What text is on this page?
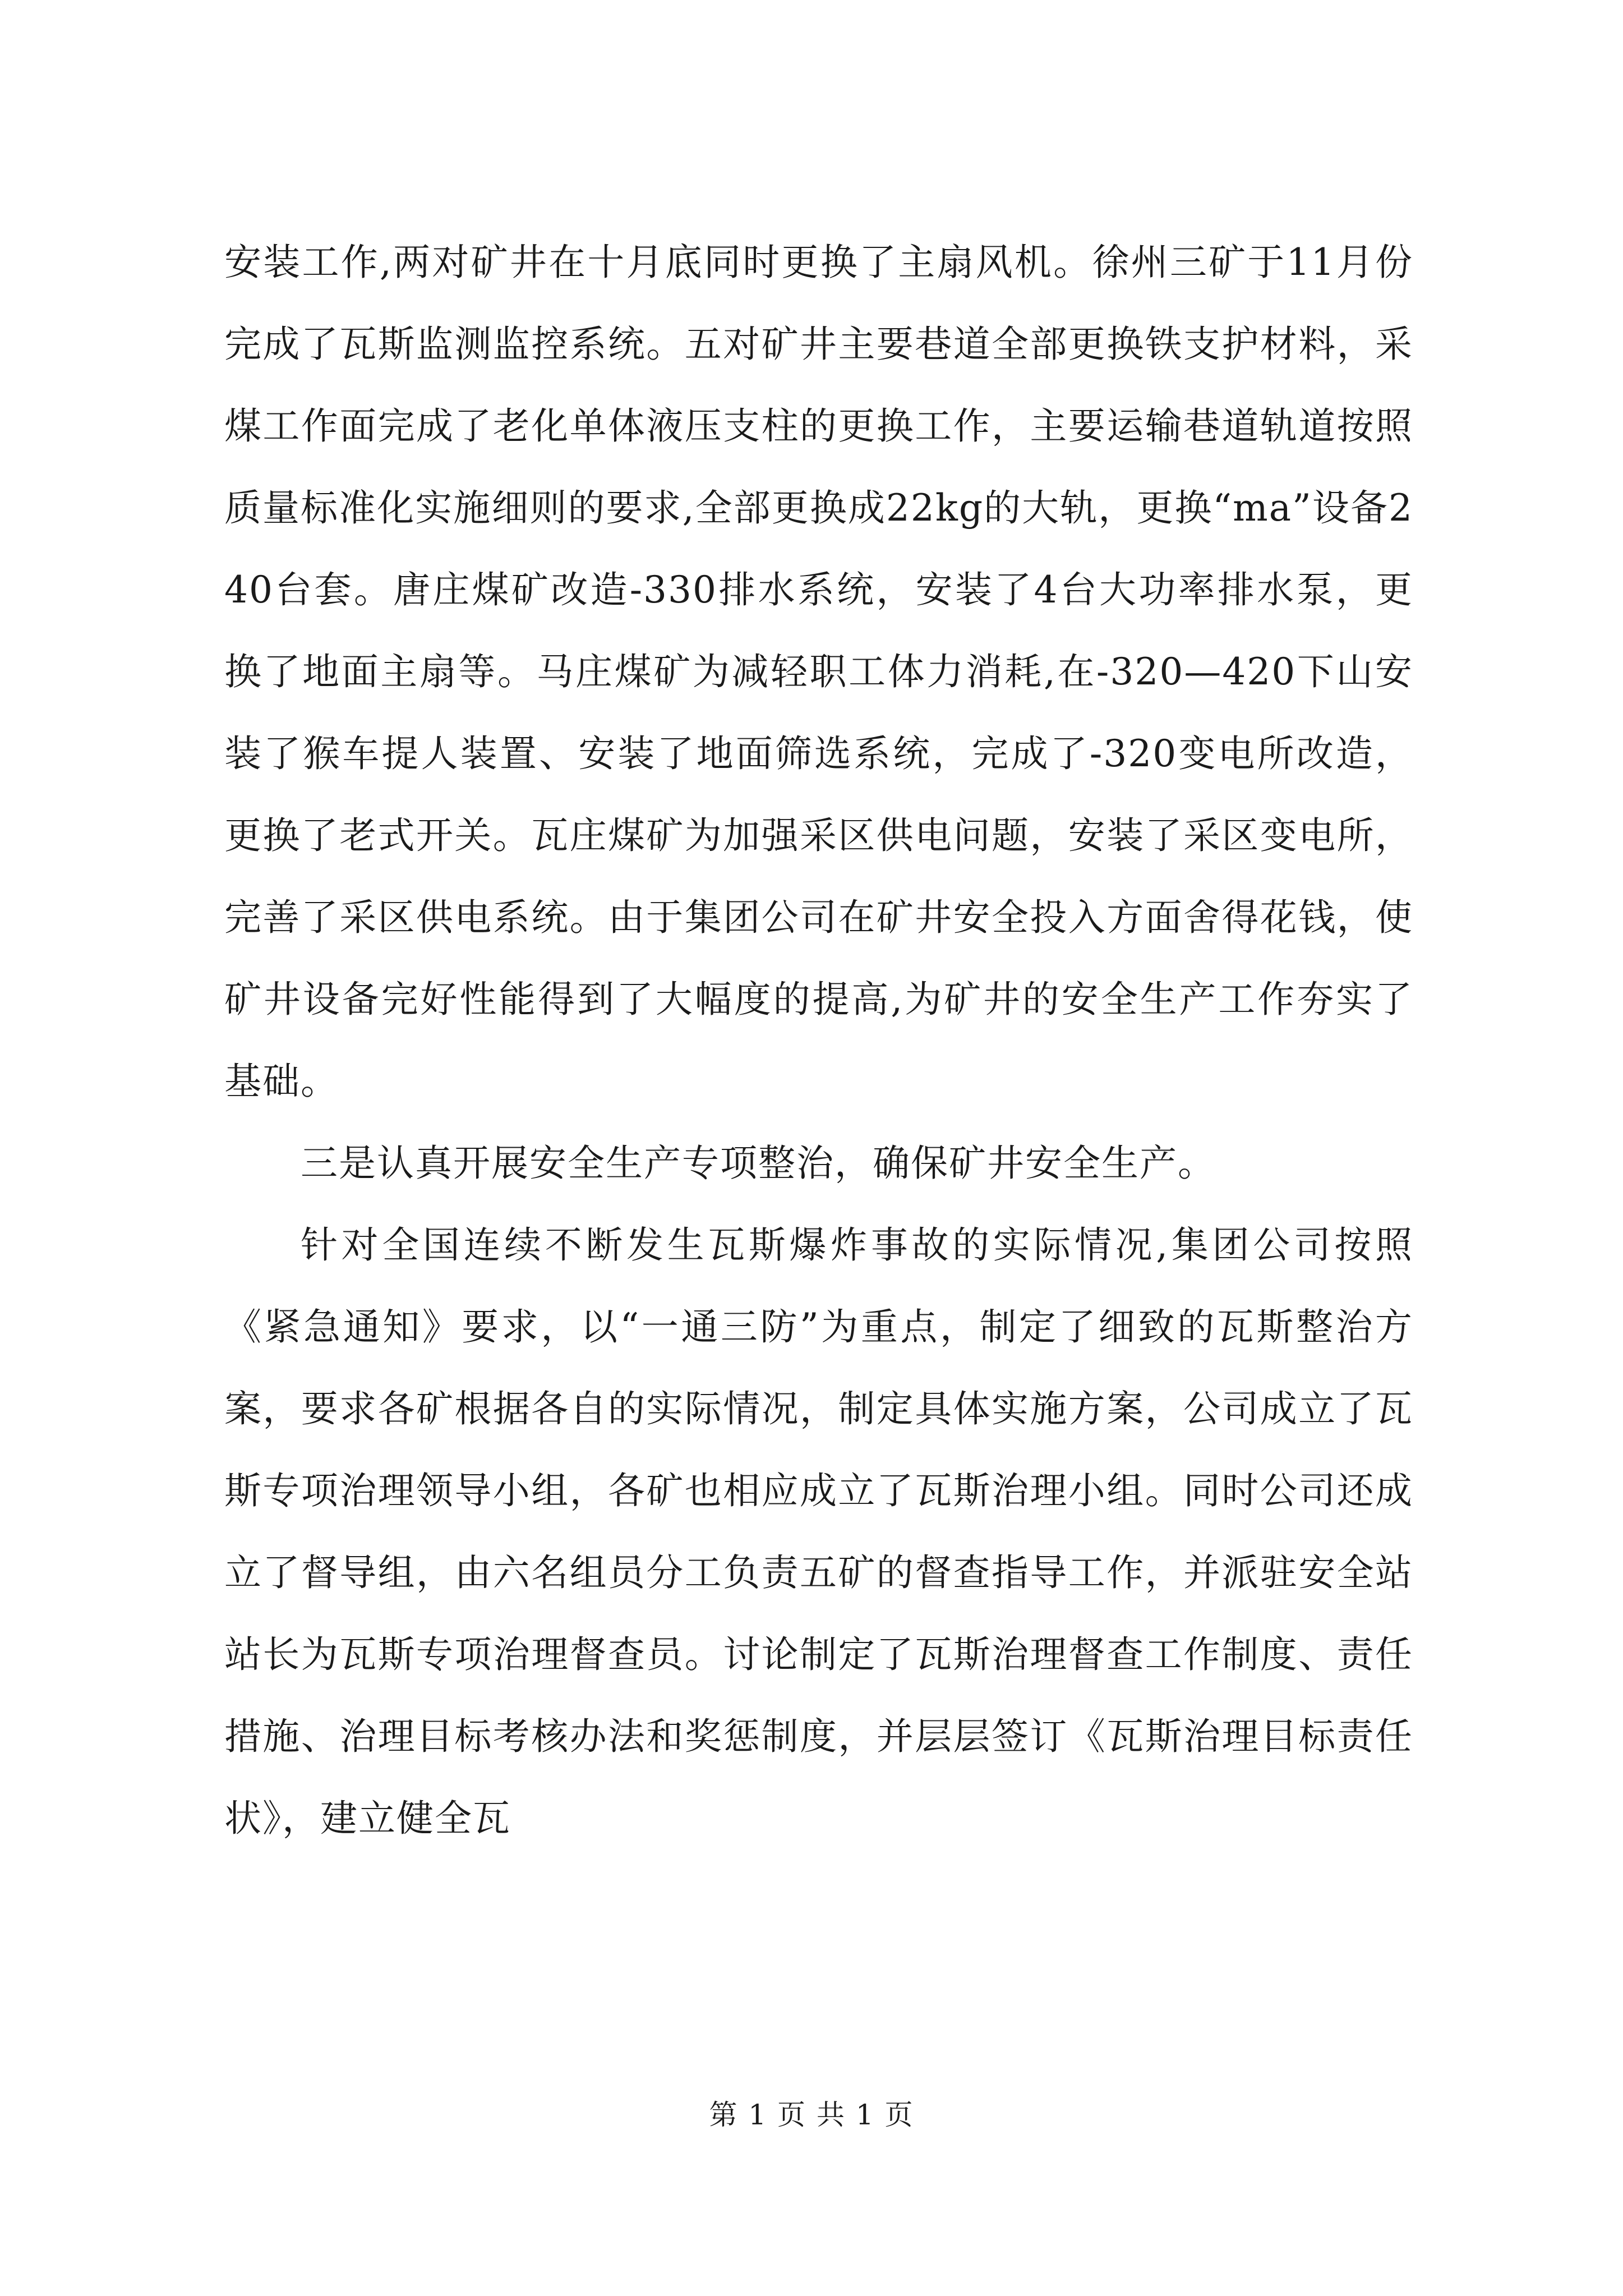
安装工作,两对矿井在十月底同时更换了主扇风机。徐州三矿于11月份完成了瓦斯监测监控系统。五对矿井主要巷道全部更换铁支护材料，采煤工作面完成了老化单体液压支柱的更换工作，主要运输巷道轨道按照质量标准化实施细则的要求,全部更换成22kg的大轨，更换“ma”设备240台套。唐庄煤矿改造-330排水系统，安装了4台大功率排水泵，更换了地面主扇等。马庄煤矿为减轻职工体力消耗,在-320—420下山安装了猴车提人装置、安装了地面筛选系统，完成了-320变电所改造，更换了老式开关。瓦庄煤矿为加强采区供电问题，安装了采区变电所，完善了采区供电系统。由于集团公司在矿井安全投入方面舍得花钱，使矿井设备完好性能得到了大幅度的提高,为矿井的安全生产工作夯实了基础。

三是认真开展安全生产专项整治，确保矿井安全生产。

针对全国连续不断发生瓦斯爆炸事故的实际情况,集团公司按照《紧急通知》要求，以“一通三防”为重点，制定了细致的瓦斯整治方案，要求各矿根据各自的实际情况，制定具体实施方案，公司成立了瓦斯专项治理领导小组，各矿也相应成立了瓦斯治理小组。同时公司还成立了督导组，由六名组员分工负责五矿的督查指导工作，并派驻安全站站长为瓦斯专项治理督查员。讨论制定了瓦斯治理督查工作制度、责任措施、治理目标考核办法和奖惩制度，并层层签订《瓦斯治理目标责任状》，建立健全瓦

第 1 页 共 1 页
